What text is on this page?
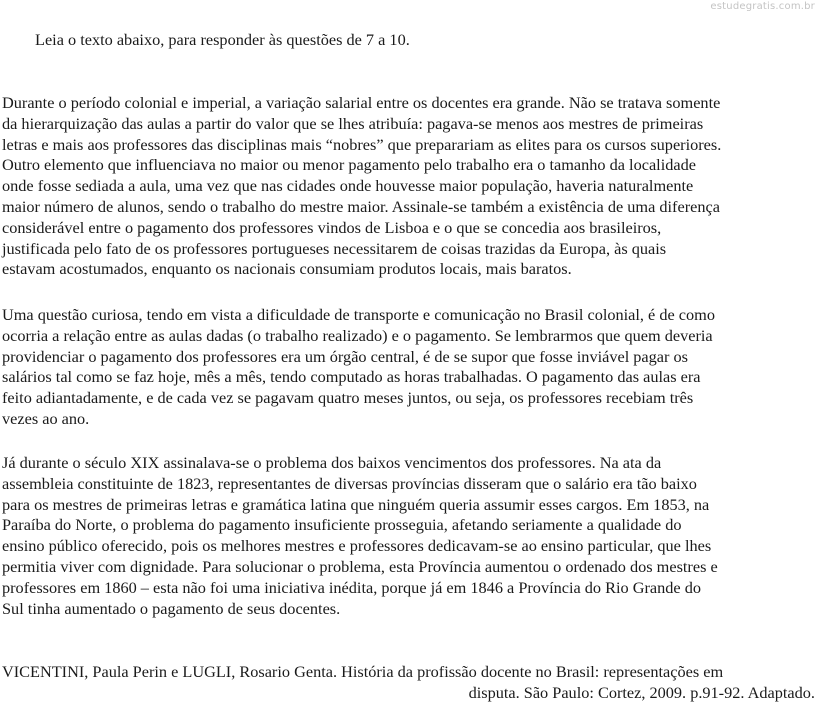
estudegratis.com.br
Leia o texto abaixo, para responder às questões de 7 a 10.
Durante o período colonial e imperial, a variação salarial entre os docentes era grande. Não se tratava somente
da hierarquização das aulas a partir do valor que se lhes atribuía: pagava-se menos aos mestres de primeiras
letras e mais aos professores das disciplinas mais “nobres” que preparariam as elites para os cursos superiores.
Outro elemento que influenciava no maior ou menor pagamento pelo trabalho era o tamanho da localidade
onde fosse sediada a aula, uma vez que nas cidades onde houvesse maior população, haveria naturalmente
maior número de alunos, sendo o trabalho do mestre maior. Assinale-se também a existência de uma diferença
considerável entre o pagamento dos professores vindos de Lisboa e o que se concedia aos brasileiros,
justificada pelo fato de os professores portugueses necessitarem de coisas trazidas da Europa, às quais
estavam acostumados, enquanto os nacionais consumiam produtos locais, mais baratos.
Uma questão curiosa, tendo em vista a dificuldade de transporte e comunicação no Brasil colonial, é de como
ocorria a relação entre as aulas dadas (o trabalho realizado) e o pagamento. Se lembrarmos que quem deveria
providenciar o pagamento dos professores era um órgão central, é de se supor que fosse inviável pagar os
salários tal como se faz hoje, mês a mês, tendo computado as horas trabalhadas. O pagamento das aulas era
feito adiantadamente, e de cada vez se pagavam quatro meses juntos, ou seja, os professores recebiam três
vezes ao ano.
Já durante o século XIX assinalava-se o problema dos baixos vencimentos dos professores. Na ata da
assembleia constituinte de 1823, representantes de diversas províncias disseram que o salário era tão baixo
para os mestres de primeiras letras e gramática latina que ninguém queria assumir esses cargos. Em 1853, na
Paraíba do Norte, o problema do pagamento insuficiente prosseguia, afetando seriamente a qualidade do
ensino público oferecido, pois os melhores mestres e professores dedicavam-se ao ensino particular, que lhes
permitia viver com dignidade. Para solucionar o problema, esta Província aumentou o ordenado dos mestres e
professores em 1860 – esta não foi uma iniciativa inédita, porque já em 1846 a Província do Rio Grande do
Sul tinha aumentado o pagamento de seus docentes.
VICENTINI, Paula Perin e LUGLI, Rosario Genta. História da profissão docente no Brasil: representações em
disputa. São Paulo: Cortez, 2009. p.91-92. Adaptado.
